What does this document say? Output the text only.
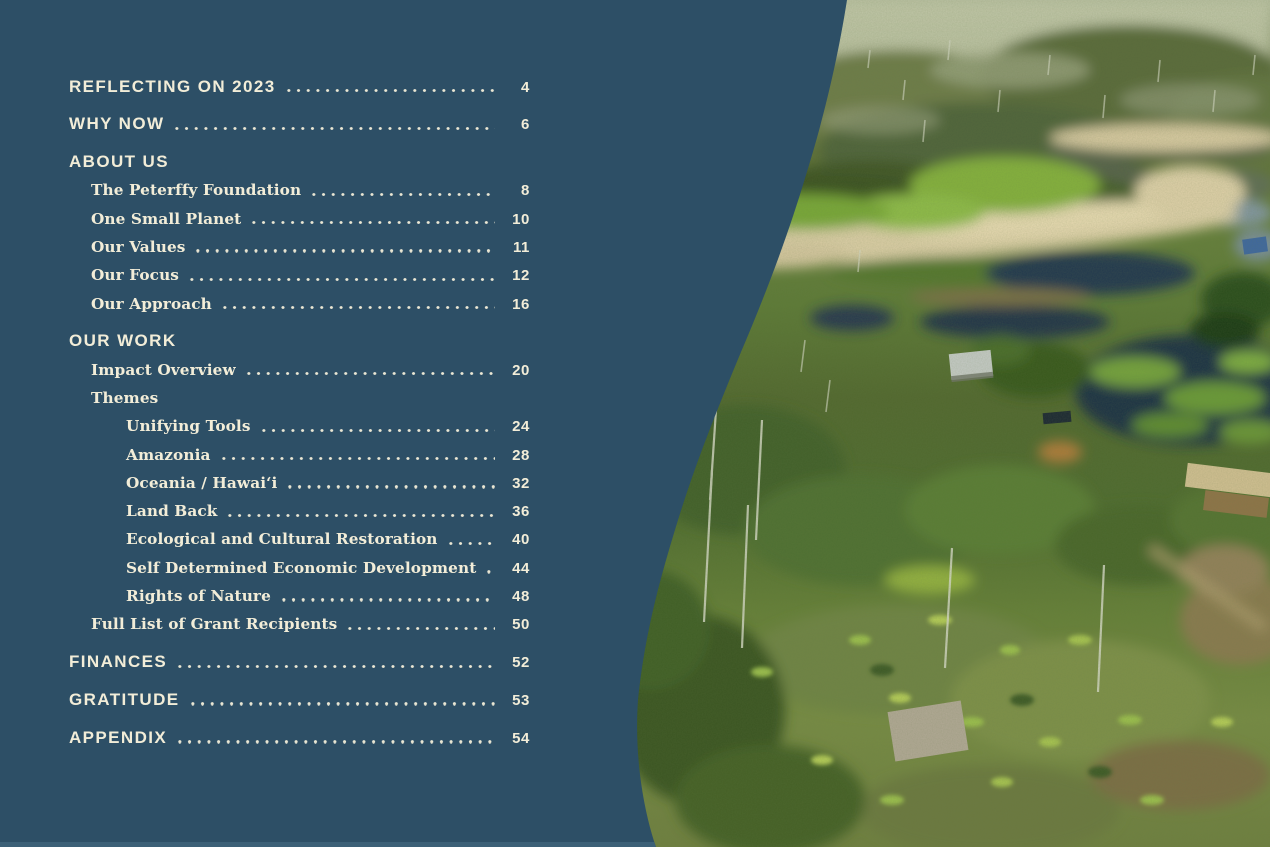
REFLECTING ON 2023	4
WHY NOW	6
ABOUT US
The Peterffy Foundation	8
One Small Planet	10
Our Values	11
Our Focus	12
Our Approach	16
OUR WORK
Impact Overview	20
Themes
Unifying Tools	24
Amazonia	28
Oceania / Hawai‘i	32
Land Back	36
Ecological and Cultural Restoration	40
Self Determined Economic Development	44
Rights of Nature	48
Full List of Grant Recipients	50
FINANCES	52
GRATITUDE	53
APPENDIX	54
